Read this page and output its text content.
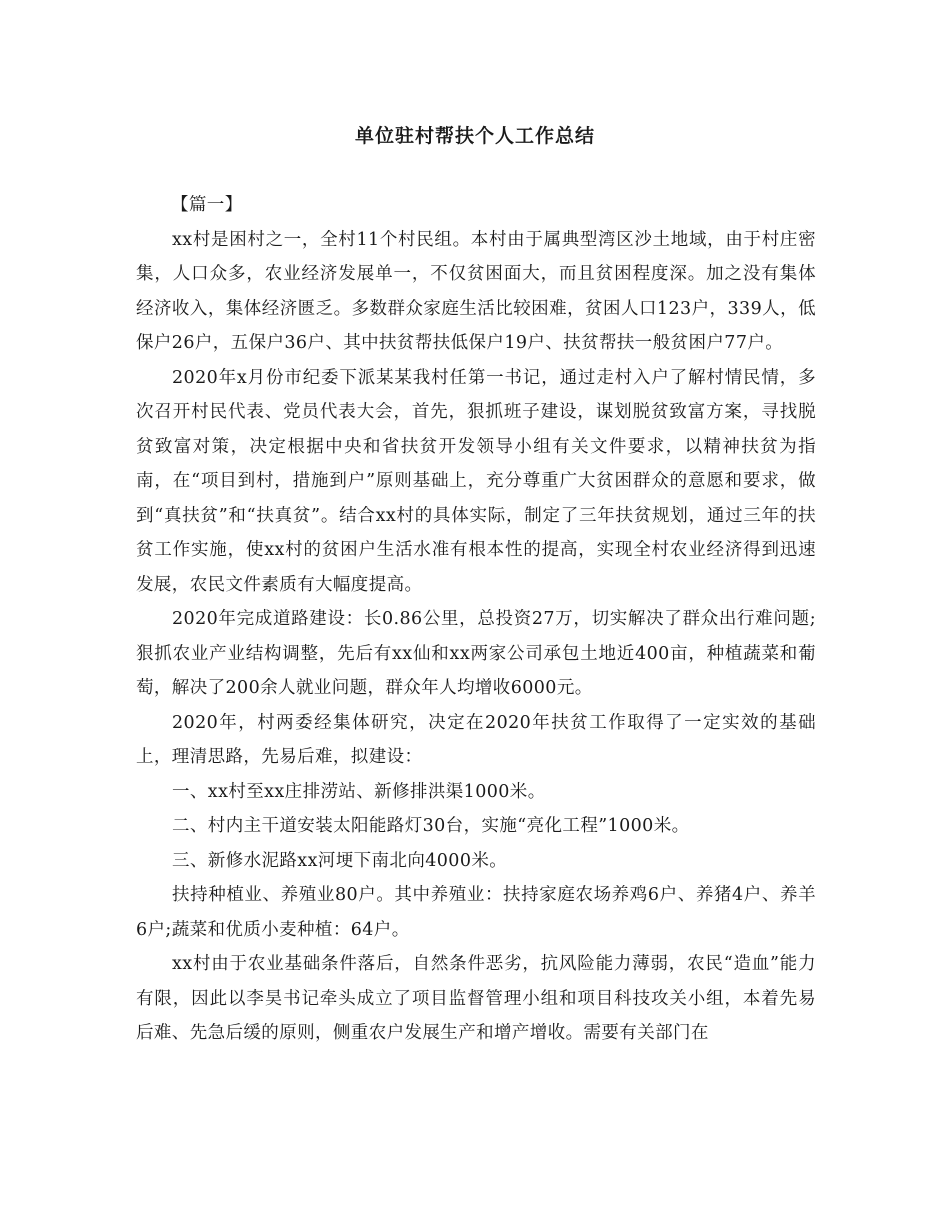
单位驻村帮扶个人工作总结

【篇一】

xx村是困村之一，全村11个村民组。本村由于属典型湾区沙土地域，由于村庄密集，人口众多，农业经济发展单一，不仅贫困面大，而且贫困程度深。加之没有集体经济收入，集体经济匮乏。多数群众家庭生活比较困难，贫困人口123户，339人，低保户26户，五保户36户、其中扶贫帮扶低保户19户、扶贫帮扶一般贫困户77户。

2020年x月份市纪委下派某某我村任第一书记，通过走村入户了解村情民情，多次召开村民代表、党员代表大会，首先，狠抓班子建设，谋划脱贫致富方案，寻找脱贫致富对策，决定根据中央和省扶贫开发领导小组有关文件要求，以精神扶贫为指南，在“项目到村，措施到户”原则基础上，充分尊重广大贫困群众的意愿和要求，做到“真扶贫”和“扶真贫”。结合xx村的具体实际，制定了三年扶贫规划，通过三年的扶贫工作实施，使xx村的贫困户生活水准有根本性的提高，实现全村农业经济得到迅速发展，农民文件素质有大幅度提高。

2020年完成道路建设：长0.86公里，总投资27万，切实解决了群众出行难问题;狠抓农业产业结构调整，先后有xx仙和xx两家公司承包土地近400亩，种植蔬菜和葡萄，解决了200余人就业问题，群众年人均增收6000元。

2020年，村两委经集体研究，决定在2020年扶贫工作取得了一定实效的基础上，理清思路，先易后难，拟建设：

一、xx村至xx庄排涝站、新修排洪渠1000米。

二、村内主干道安装太阳能路灯30台，实施“亮化工程”1000米。

三、新修水泥路xx河埂下南北向4000米。

扶持种植业、养殖业80户。其中养殖业：扶持家庭农场养鸡6户、养猪4户、养羊6户;蔬菜和优质小麦种植：64户。

xx村由于农业基础条件落后，自然条件恶劣，抗风险能力薄弱，农民“造血”能力有限，因此以李昊书记牵头成立了项目监督管理小组和项目科技攻关小组，本着先易后难、先急后缓的原则，侧重农户发展生产和增产增收。需要有关部门在
